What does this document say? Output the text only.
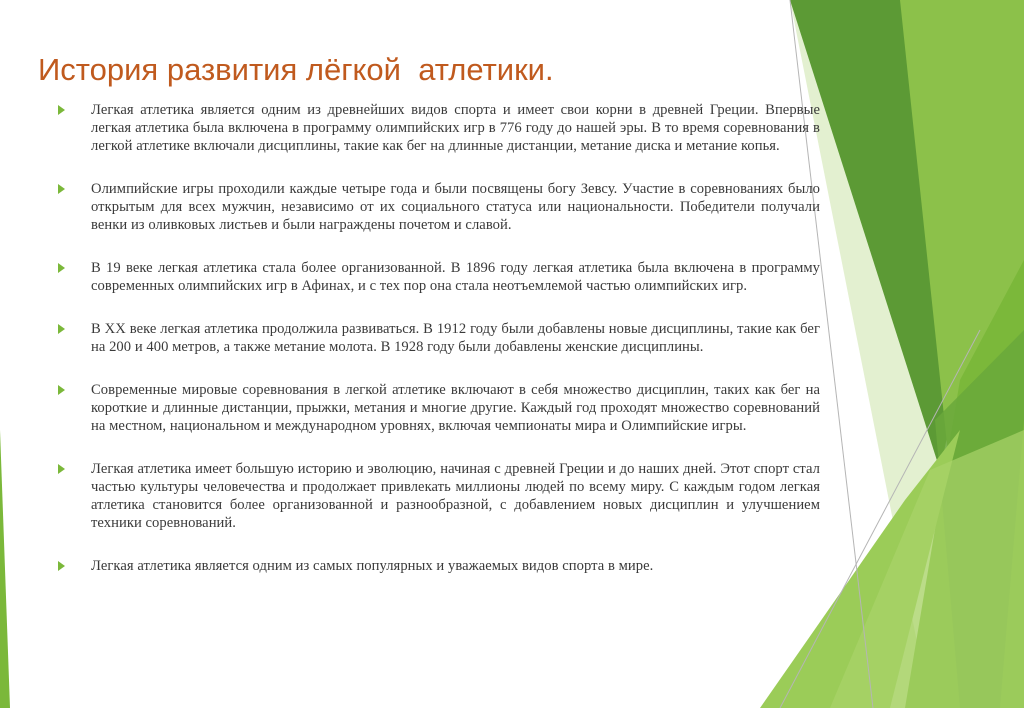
История развития лёгкой  атлетики.
Легкая атлетика является одним из древнейших видов спорта и имеет свои корни в древней Греции. Впервые легкая атлетика была включена в программу олимпийских игр в 776 году до нашей эры. В то время соревнования в легкой атлетике включали дисциплины, такие как бег на длинные дистанции, метание диска и метание копья.
Олимпийские игры проходили каждые четыре года и были посвящены богу Зевсу. Участие в соревнованиях было открытым для всех мужчин, независимо от их социального статуса или национальности. Победители получали венки из оливковых листьев и были награждены почетом и славой.
В 19 веке легкая атлетика стала более организованной. В 1896 году легкая атлетика была включена в программу современных олимпийских игр в Афинах, и с тех пор она стала неотъемлемой частью олимпийских игр.
В XX веке легкая атлетика продолжила развиваться. В 1912 году были добавлены новые дисциплины, такие как бег на 200 и 400 метров, а также метание молота. В 1928 году были добавлены женские дисциплины.
Современные мировые соревнования в легкой атлетике включают в себя множество дисциплин, таких как бег на короткие и длинные дистанции, прыжки, метания и многие другие. Каждый год проходят множество соревнований на местном, национальном и международном уровнях, включая чемпионаты мира и Олимпийские игры.
Легкая атлетика имеет большую историю и эволюцию, начиная с древней Греции и до наших дней. Этот спорт стал частью культуры человечества и продолжает привлекать миллионы людей по всему миру. С каждым годом легкая атлетика становится более организованной и разнообразной, с добавлением новых дисциплин и улучшением техники соревнований.
Легкая атлетика является одним из самых популярных и уважаемых видов спорта в мире.
